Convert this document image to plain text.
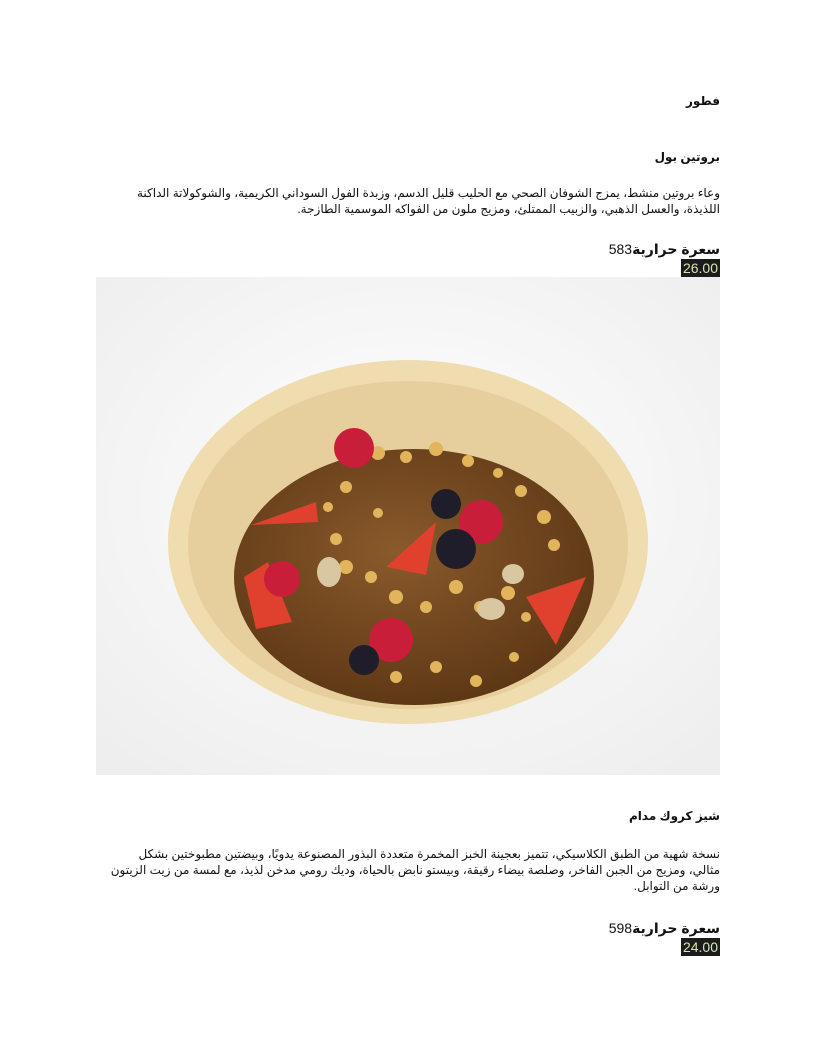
فطور
بروتين بول
وعاء بروتين منشط، يمزج الشوفان الصحي مع الحليب قليل الدسم، وزبدة الفول السوداني الكريمية، والشوكولاتة الداكنة اللذيذة، والعسل الذهبي، والزبيب الممتلئ، ومزيج ملون من الفواكه الموسمية الطازجة.
سعرة حرارية583
26.00
شيز كروك مدام
نسخة شهية من الطبق الكلاسيكي، تتميز بعجينة الخبز المخمرة متعددة البذور المصنوعة يدويًا، وبيضتين مطبوختين بشكل مثالي، ومزيج من الجبن الفاخر، وصلصة بيضاء رقيقة، وبيستو نابض بالحياة، وديك رومي مدخن لذيذ، مع لمسة من زيت الزيتون ورشة من التوابل.
سعرة حرارية598
24.00
